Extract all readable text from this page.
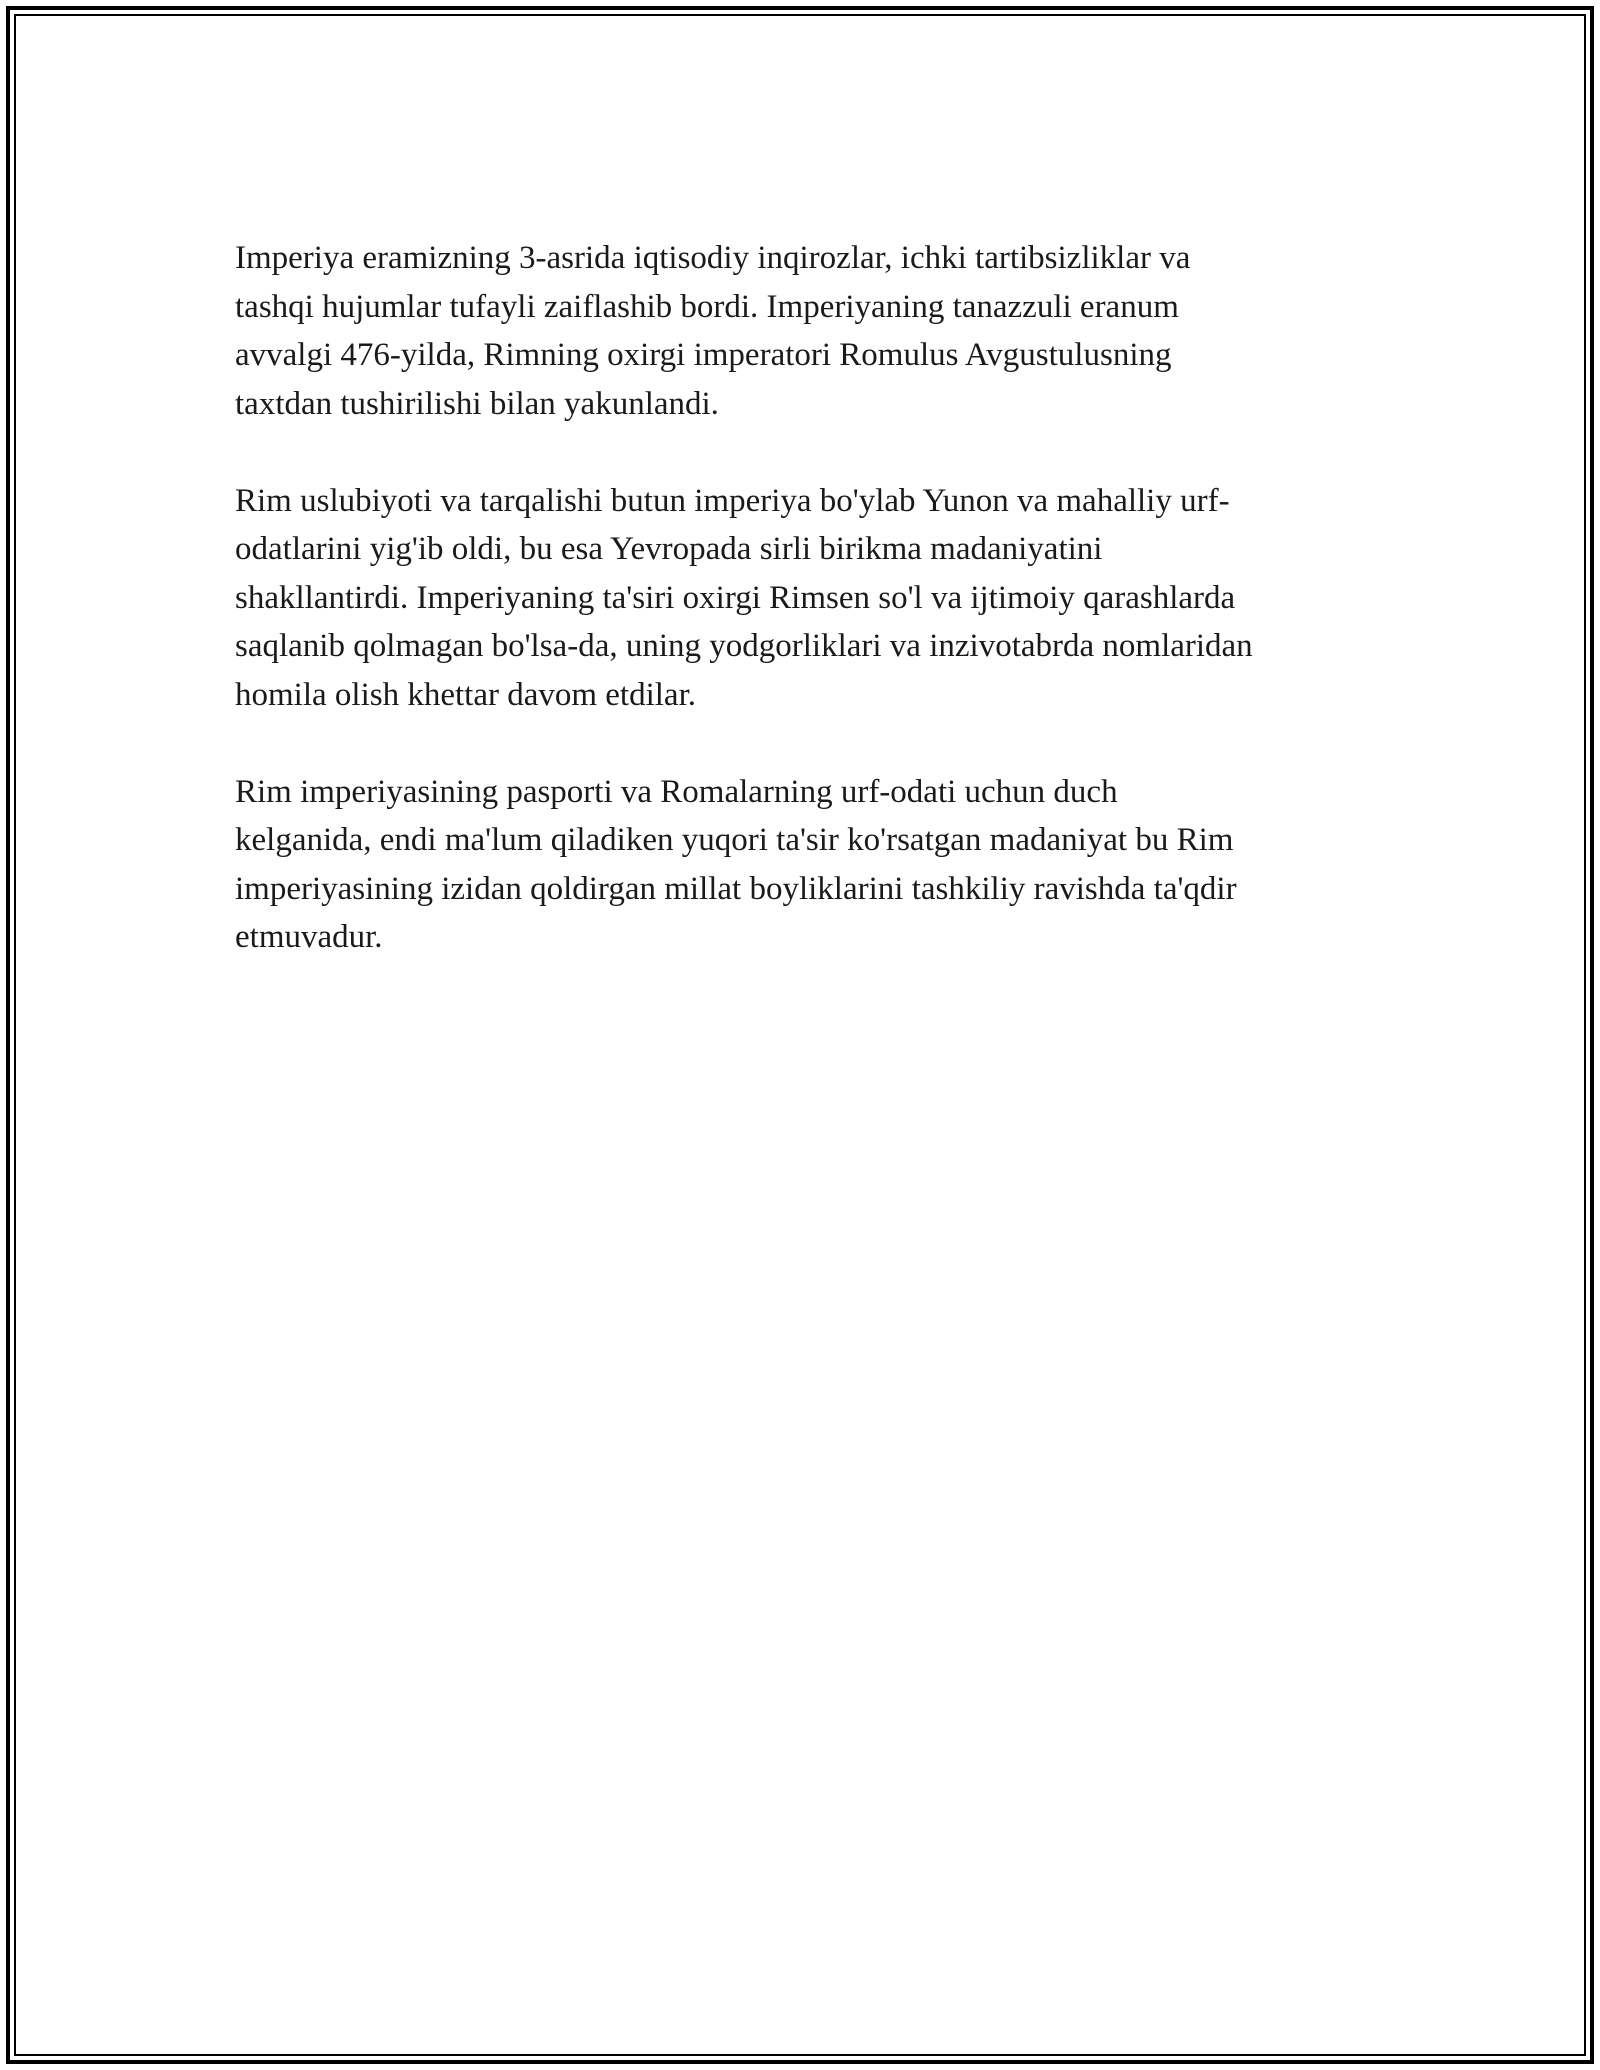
Imperiya eramizning 3-asrida iqtisodiy inqirozlar, ichki tartibsizliklar va
tashqi hujumlar tufayli zaiflashib bordi. Imperiyaning tanazzuli eranum
avvalgi 476-yilda, Rimning oxirgi imperatori Romulus Avgustulusning
taxtdan tushirilishi bilan yakunlandi.

Rim uslubiyoti va tarqalishi butun imperiya bo'ylab Yunon va mahalliy urf-
odatlarini yig'ib oldi, bu esa Yevropada sirli birikma madaniyatini
shakllantirdi. Imperiyaning ta'siri oxirgi Rimsen so'l va ijtimoiy qarashlarda
saqlanib qolmagan bo'lsa-da, uning yodgorliklari va inzivotabrda nomlaridan
homila olish khettar davom etdilar.

Rim imperiyasining pasporti va Romalarning urf-odati uchun duch
kelganida, endi ma'lum qiladiken yuqori ta'sir ko'rsatgan madaniyat bu Rim
imperiyasining izidan qoldirgan millat boyliklarini tashkiliy ravishda ta'qdir
etmuvadur.
